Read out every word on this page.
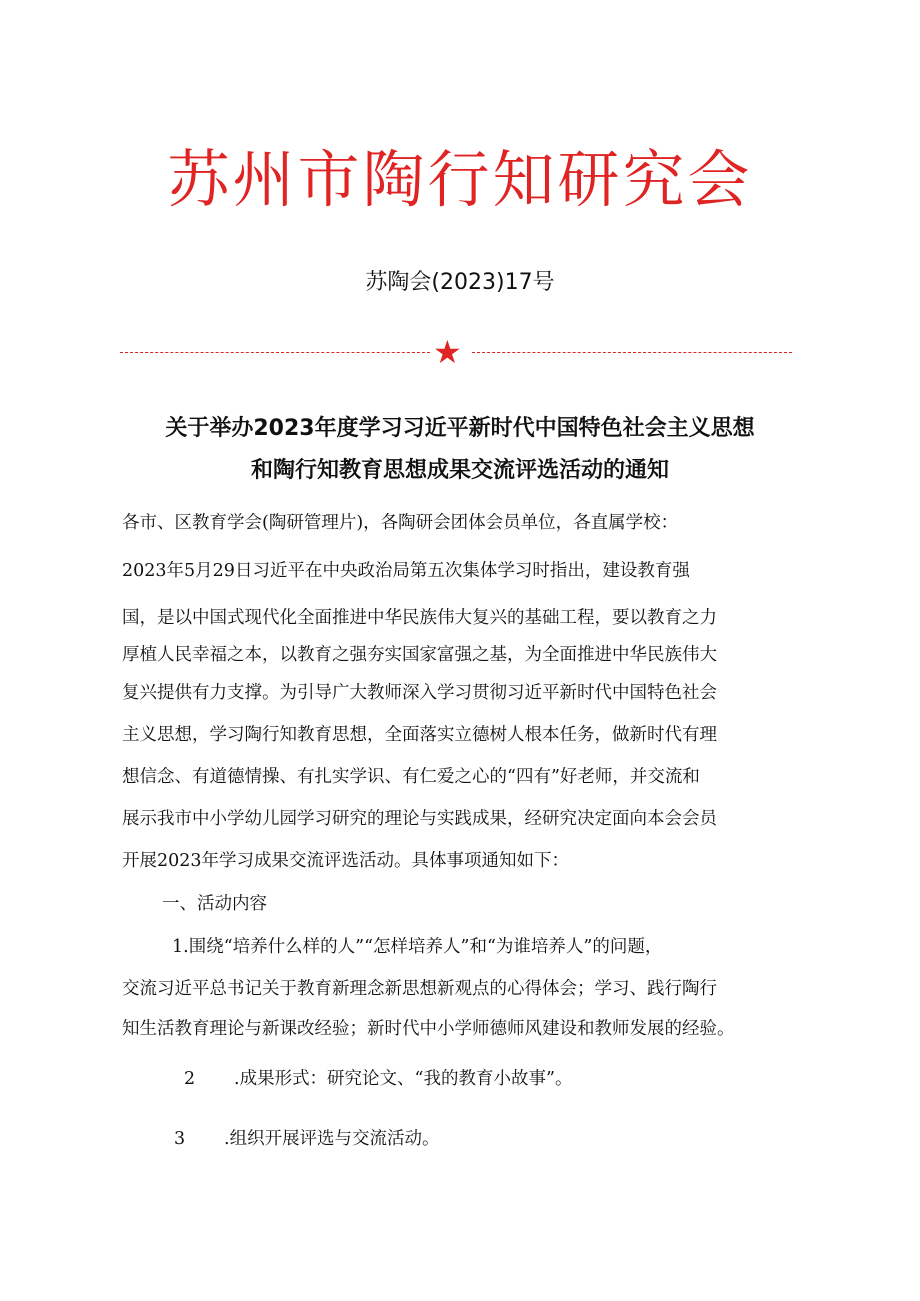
苏州市陶行知研究会
苏陶会(2023)17号
★
关于举办2023年度学习习近平新时代中国特色社会主义思想
和陶行知教育思想成果交流评选活动的通知
各市、区教育学会(陶研管理片)，各陶研会团体会员单位，各直属学校：
2023年5月29日习近平在中央政治局第五次集体学习时指出，建设教育强
国，是以中国式现代化全面推进中华民族伟大复兴的基础工程，要以教育之力
厚植人民幸福之本，以教育之强夯实国家富强之基，为全面推进中华民族伟大
复兴提供有力支撑。为引导广大教师深入学习贯彻习近平新时代中国特色社会
主义思想，学习陶行知教育思想，全面落实立德树人根本任务，做新时代有理
想信念、有道德情操、有扎实学识、有仁爱之心的“四有”好老师，并交流和
展示我市中小学幼儿园学习研究的理论与实践成果，经研究决定面向本会会员
开展2023年学习成果交流评选活动。具体事项通知如下：
一、活动内容
1.围绕“培养什么样的人”“怎样培养人”和“为谁培养人”的问题，
交流习近平总书记关于教育新理念新思想新观点的心得体会；学习、践行陶行
知生活教育理论与新课改经验；新时代中小学师德师风建设和教师发展的经验。
2 .成果形式：研究论文、“我的教育小故事”。
3 .组织开展评选与交流活动。
